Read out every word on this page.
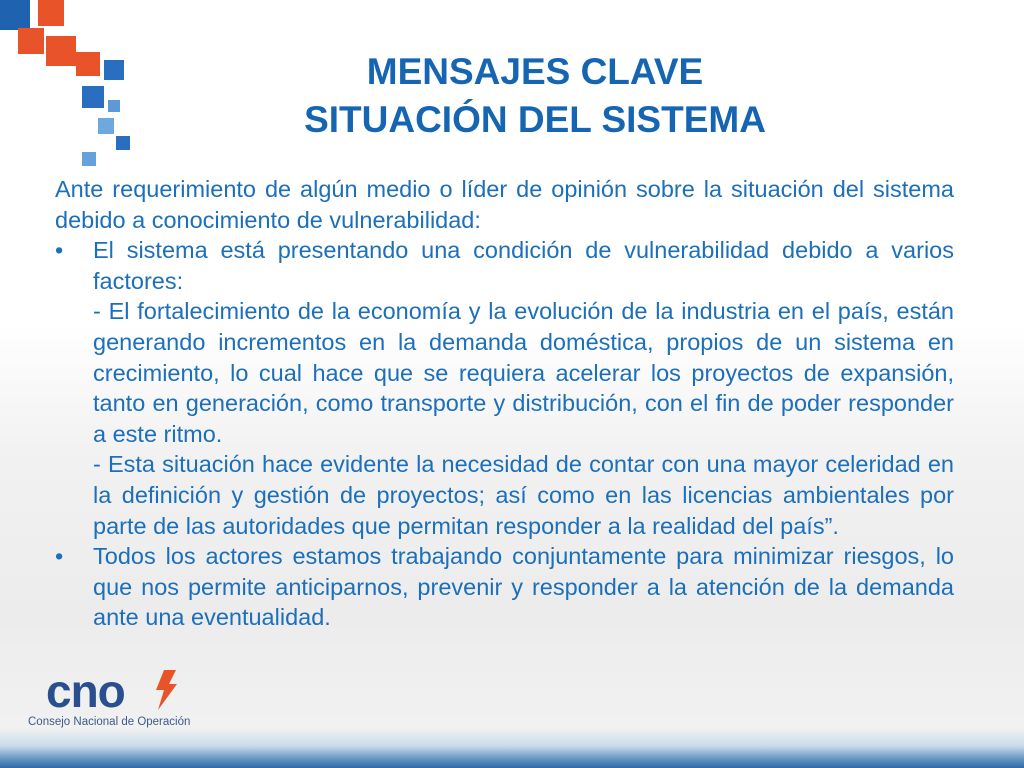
MENSAJES CLAVE
SITUACIÓN DEL SISTEMA

Ante requerimiento de algún medio o líder de opinión sobre la situación del sistema debido a conocimiento de vulnerabilidad:

• El sistema está presentando una condición de vulnerabilidad debido a varios factores:

- El fortalecimiento de la economía y la evolución de la industria en el país, están generando incrementos en la demanda doméstica, propios de un sistema en crecimiento, lo cual hace que se requiera acelerar los proyectos de expansión, tanto en generación, como transporte y distribución, con el fin de poder responder a este ritmo.

- Esta situación hace evidente la necesidad de contar con una mayor celeridad en la definición y gestión de proyectos; así como en las licencias ambientales por parte de las autoridades que permitan responder a la realidad del país”.

• Todos los actores estamos trabajando conjuntamente para minimizar riesgos, lo que nos permite anticiparnos, prevenir y responder a la atención de la demanda ante una eventualidad.

cno
Consejo Nacional de Operación
